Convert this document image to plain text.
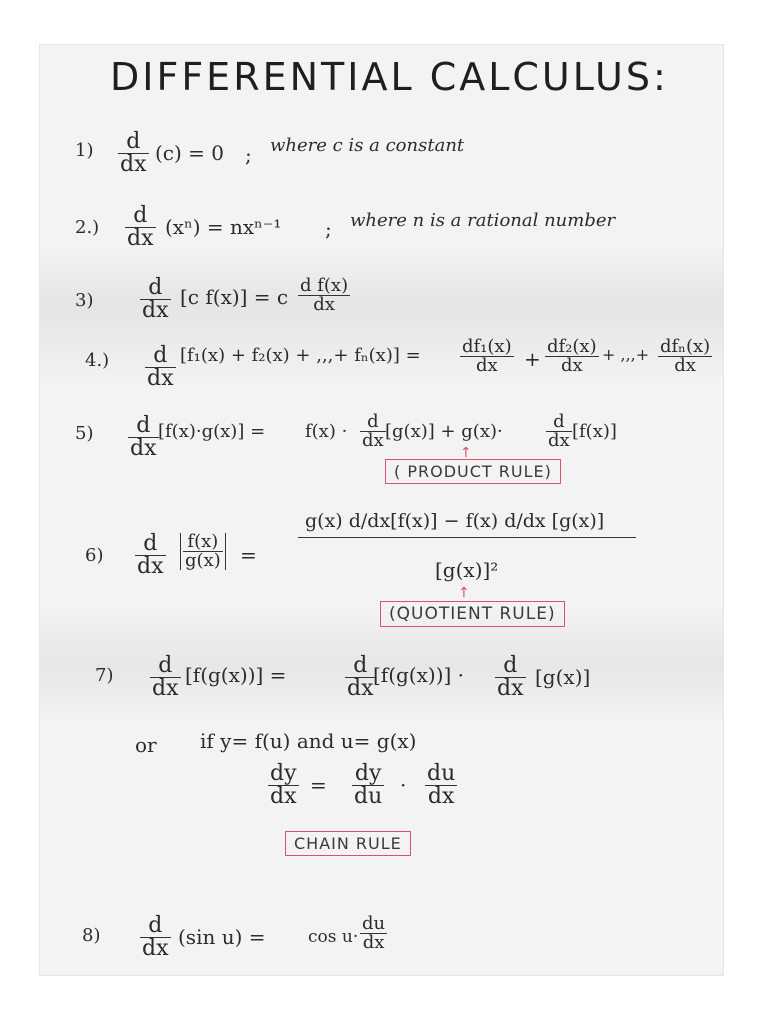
DIFFERENTIAL CALCULUS:
$1) \frac{d}{dx} (c) = 0$ ; where c is a constant
$2.) \frac{d}{dx} (x^n) = nx^{n-1}$ ; where n is a rational number
$3) \frac{d}{dx} [c$ f(x)] = c $\frac{\text{d f(x)}}{dx}$
$4.) \frac{d}{dx} [f_1(x) + f_2(x)$ + ,,,+ $f_n(x)] = \frac{\text{df₁(x)}}{dx} + \frac{\text{df₂(x)}}{dx}$ + ,,,+ dfₙ(x)
dx
$5) \frac{d}{dx} [f(x)\cdot g(x)] = f(x) \cdot \frac{d}{dx} [g(x)] + g(x)\cdot \frac{d}{dx} [f(x)]$
↑
( PRODUCT RULE)
$6) \frac{d}{dx} \frac{f(x)}{g(x)}$ =
g(x) d/dx[f(x)] − f(x) d/dx [g(x)]
[g(x)]²
↑
(QUOTIENT RULE)
$7) \frac{d}{dx} [f(g(x))]$ =	$\frac{d}{dx}$
$[f(g(x))] \cdot \frac{d}{dx} [g(x)]$
or if y= f(u) and u= g(x)
$\frac{dy}{dx} = \frac{dy}{du} \cdot \frac{du}{dx}$
CHAIN RULE
$8) \frac{d}{dx} (\sin$ u) =	$\cos u\cdot \frac{du}{dx}$
